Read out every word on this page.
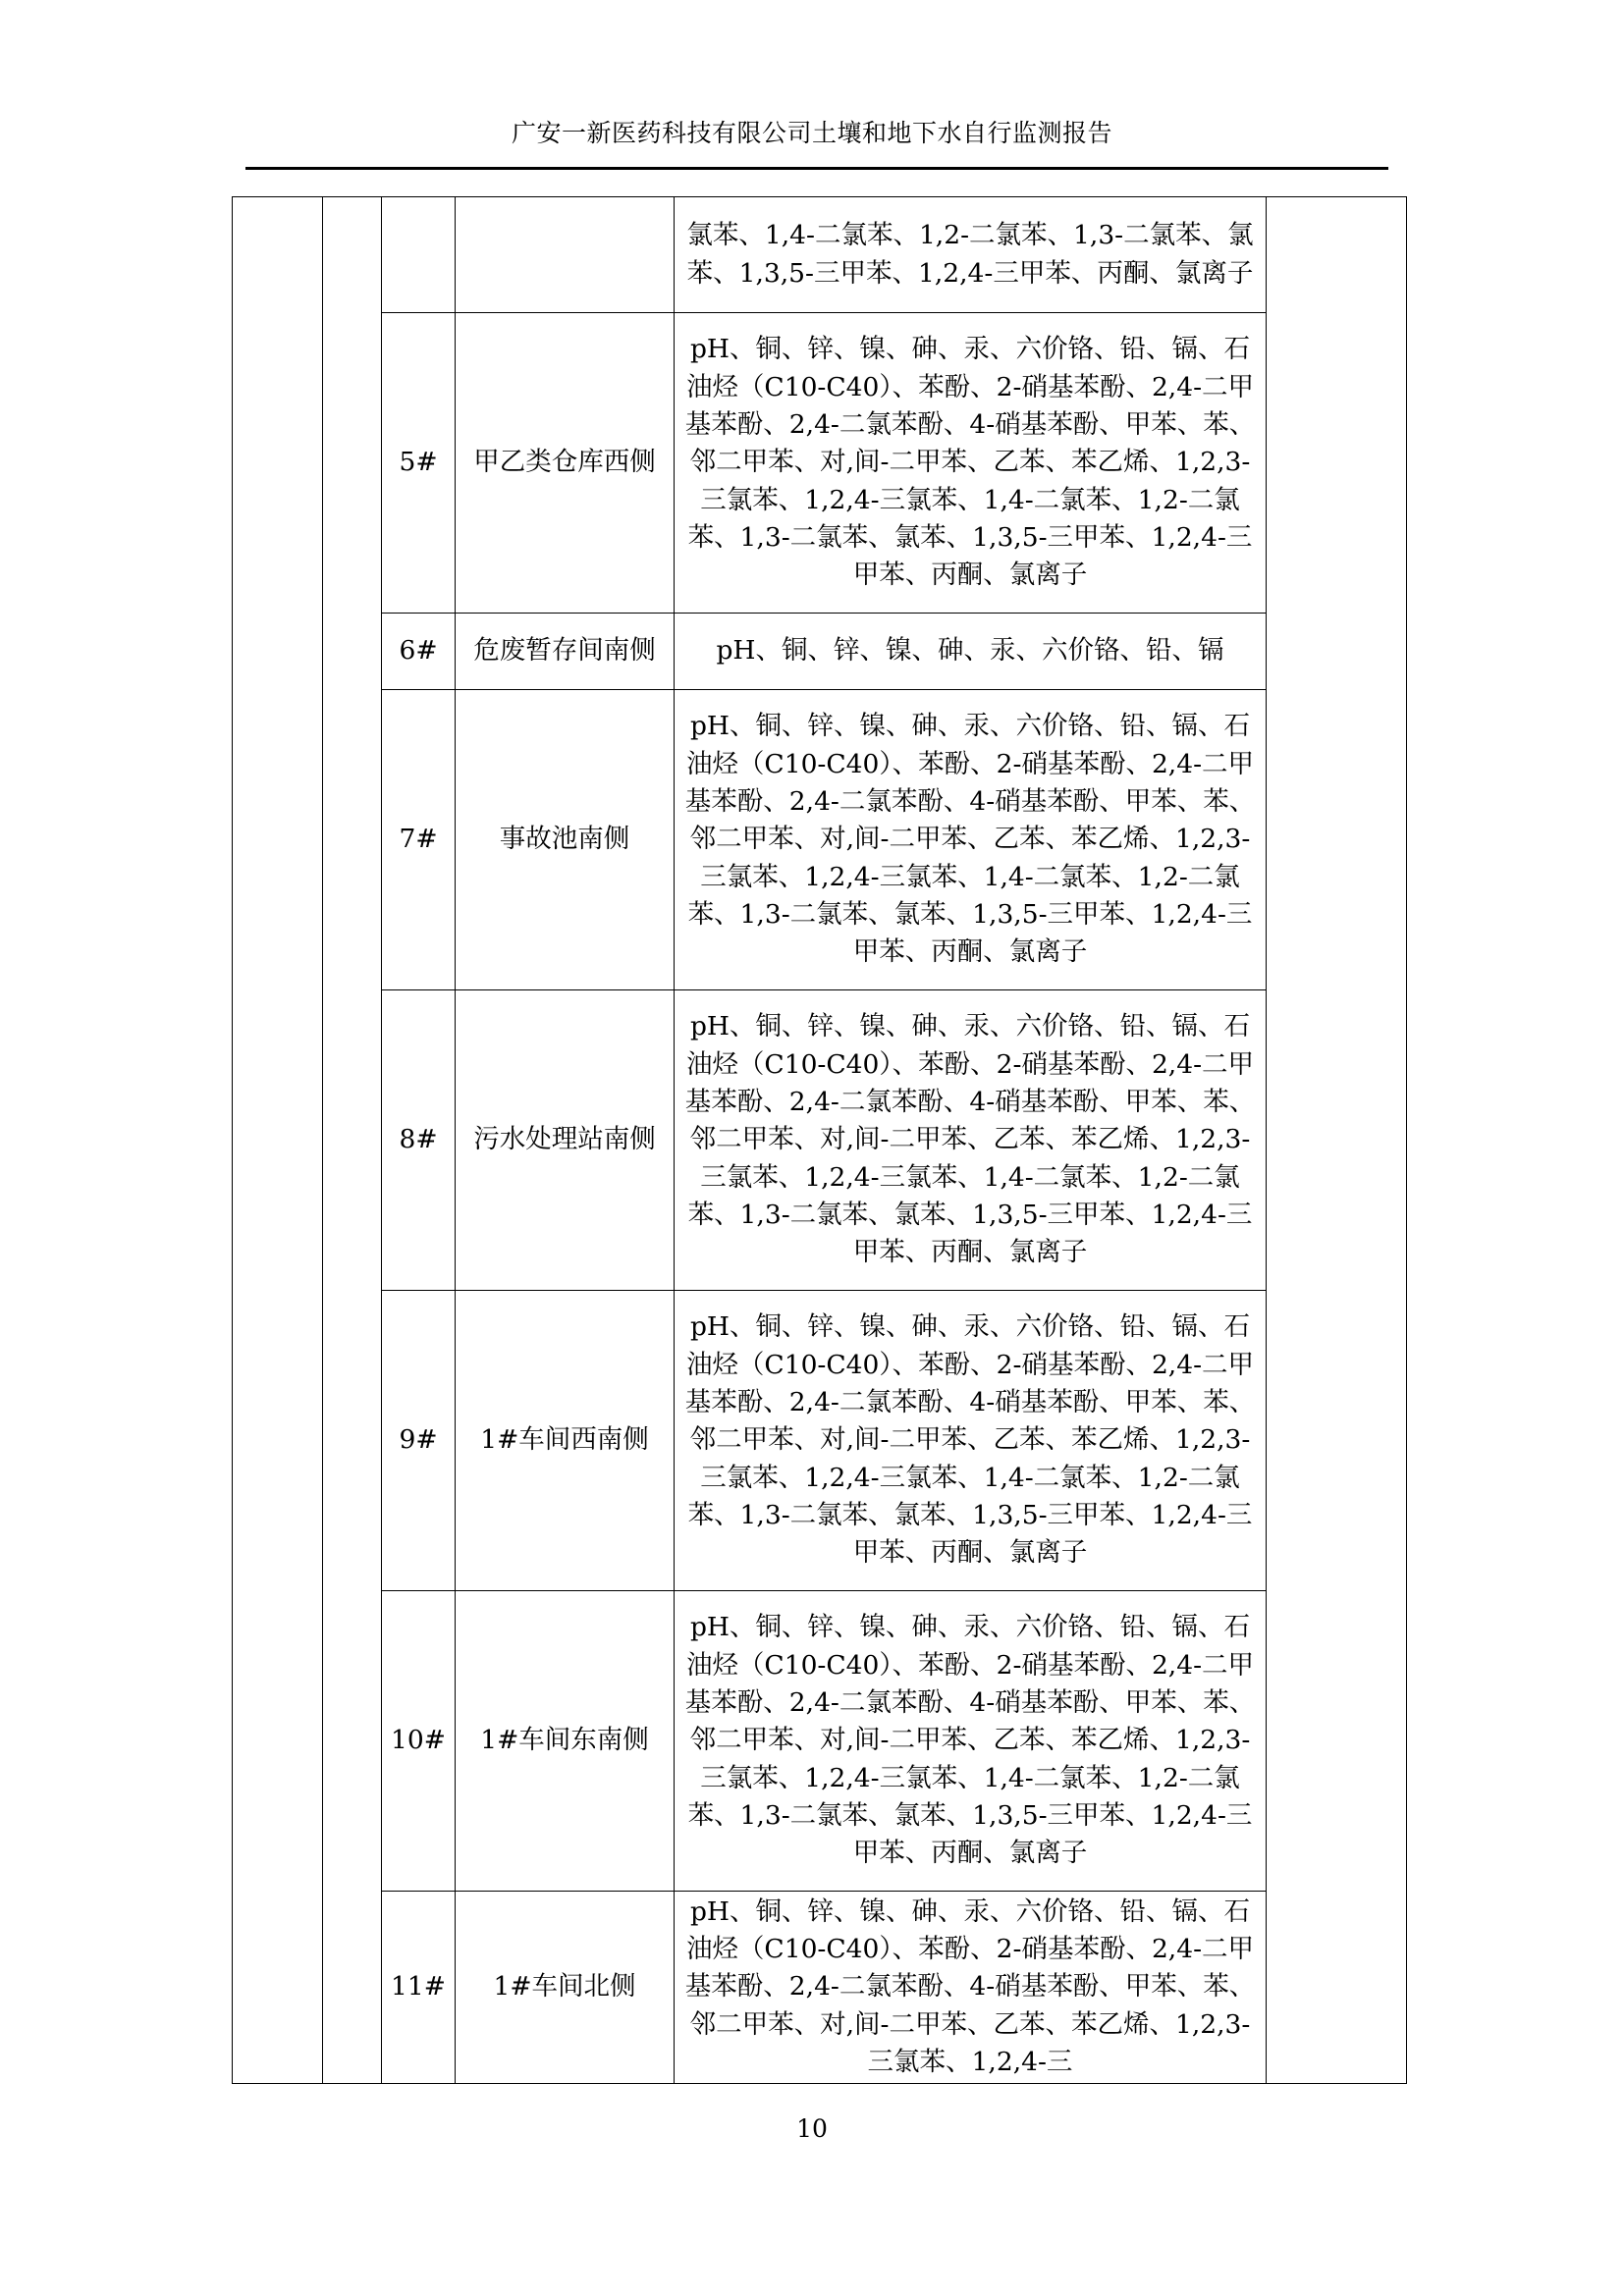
广安一新医药科技有限公司土壤和地下水自行监测报告

				氯苯、1,4-二氯苯、1,2-二氯苯、1,3-二氯苯、氯苯、1,3,5-三甲苯、1,2,4-三甲苯、丙酮、氯离子	

		5#	甲乙类仓库西侧	pH、铜、锌、镍、砷、汞、六价铬、铅、镉、石油烃（C10-C40）、苯酚、2-硝基苯酚、2,4-二甲基苯酚、2,4-二氯苯酚、4-硝基苯酚、甲苯、苯、邻二甲苯、对,间-二甲苯、乙苯、苯乙烯、1,2,3-三氯苯、1,2,4-三氯苯、1,4-二氯苯、1,2-二氯苯、1,3-二氯苯、氯苯、1,3,5-三甲苯、1,2,4-三甲苯、丙酮、氯离子	

		6#	危废暂存间南侧	pH、铜、锌、镍、砷、汞、六价铬、铅、镉	

		7#	事故池南侧	pH、铜、锌、镍、砷、汞、六价铬、铅、镉、石油烃（C10-C40）、苯酚、2-硝基苯酚、2,4-二甲基苯酚、2,4-二氯苯酚、4-硝基苯酚、甲苯、苯、邻二甲苯、对,间-二甲苯、乙苯、苯乙烯、1,2,3-三氯苯、1,2,4-三氯苯、1,4-二氯苯、1,2-二氯苯、1,3-二氯苯、氯苯、1,3,5-三甲苯、1,2,4-三甲苯、丙酮、氯离子	

		8#	污水处理站南侧	pH、铜、锌、镍、砷、汞、六价铬、铅、镉、石油烃（C10-C40）、苯酚、2-硝基苯酚、2,4-二甲基苯酚、2,4-二氯苯酚、4-硝基苯酚、甲苯、苯、邻二甲苯、对,间-二甲苯、乙苯、苯乙烯、1,2,3-三氯苯、1,2,4-三氯苯、1,4-二氯苯、1,2-二氯苯、1,3-二氯苯、氯苯、1,3,5-三甲苯、1,2,4-三甲苯、丙酮、氯离子	

		9#	1#车间西南侧	pH、铜、锌、镍、砷、汞、六价铬、铅、镉、石油烃（C10-C40）、苯酚、2-硝基苯酚、2,4-二甲基苯酚、2,4-二氯苯酚、4-硝基苯酚、甲苯、苯、邻二甲苯、对,间-二甲苯、乙苯、苯乙烯、1,2,3-三氯苯、1,2,4-三氯苯、1,4-二氯苯、1,2-二氯苯、1,3-二氯苯、氯苯、1,3,5-三甲苯、1,2,4-三甲苯、丙酮、氯离子	

		10#	1#车间东南侧	pH、铜、锌、镍、砷、汞、六价铬、铅、镉、石油烃（C10-C40）、苯酚、2-硝基苯酚、2,4-二甲基苯酚、2,4-二氯苯酚、4-硝基苯酚、甲苯、苯、邻二甲苯、对,间-二甲苯、乙苯、苯乙烯、1,2,3-三氯苯、1,2,4-三氯苯、1,4-二氯苯、1,2-二氯苯、1,3-二氯苯、氯苯、1,3,5-三甲苯、1,2,4-三甲苯、丙酮、氯离子	

		11#	1#车间北侧	pH、铜、锌、镍、砷、汞、六价铬、铅、镉、石油烃（C10-C40）、苯酚、2-硝基苯酚、2,4-二甲基苯酚、2,4-二氯苯酚、4-硝基苯酚、甲苯、苯、邻二甲苯、对,间-二甲苯、乙苯、苯乙烯、1,2,3-三氯苯、1,2,4-三	
10
